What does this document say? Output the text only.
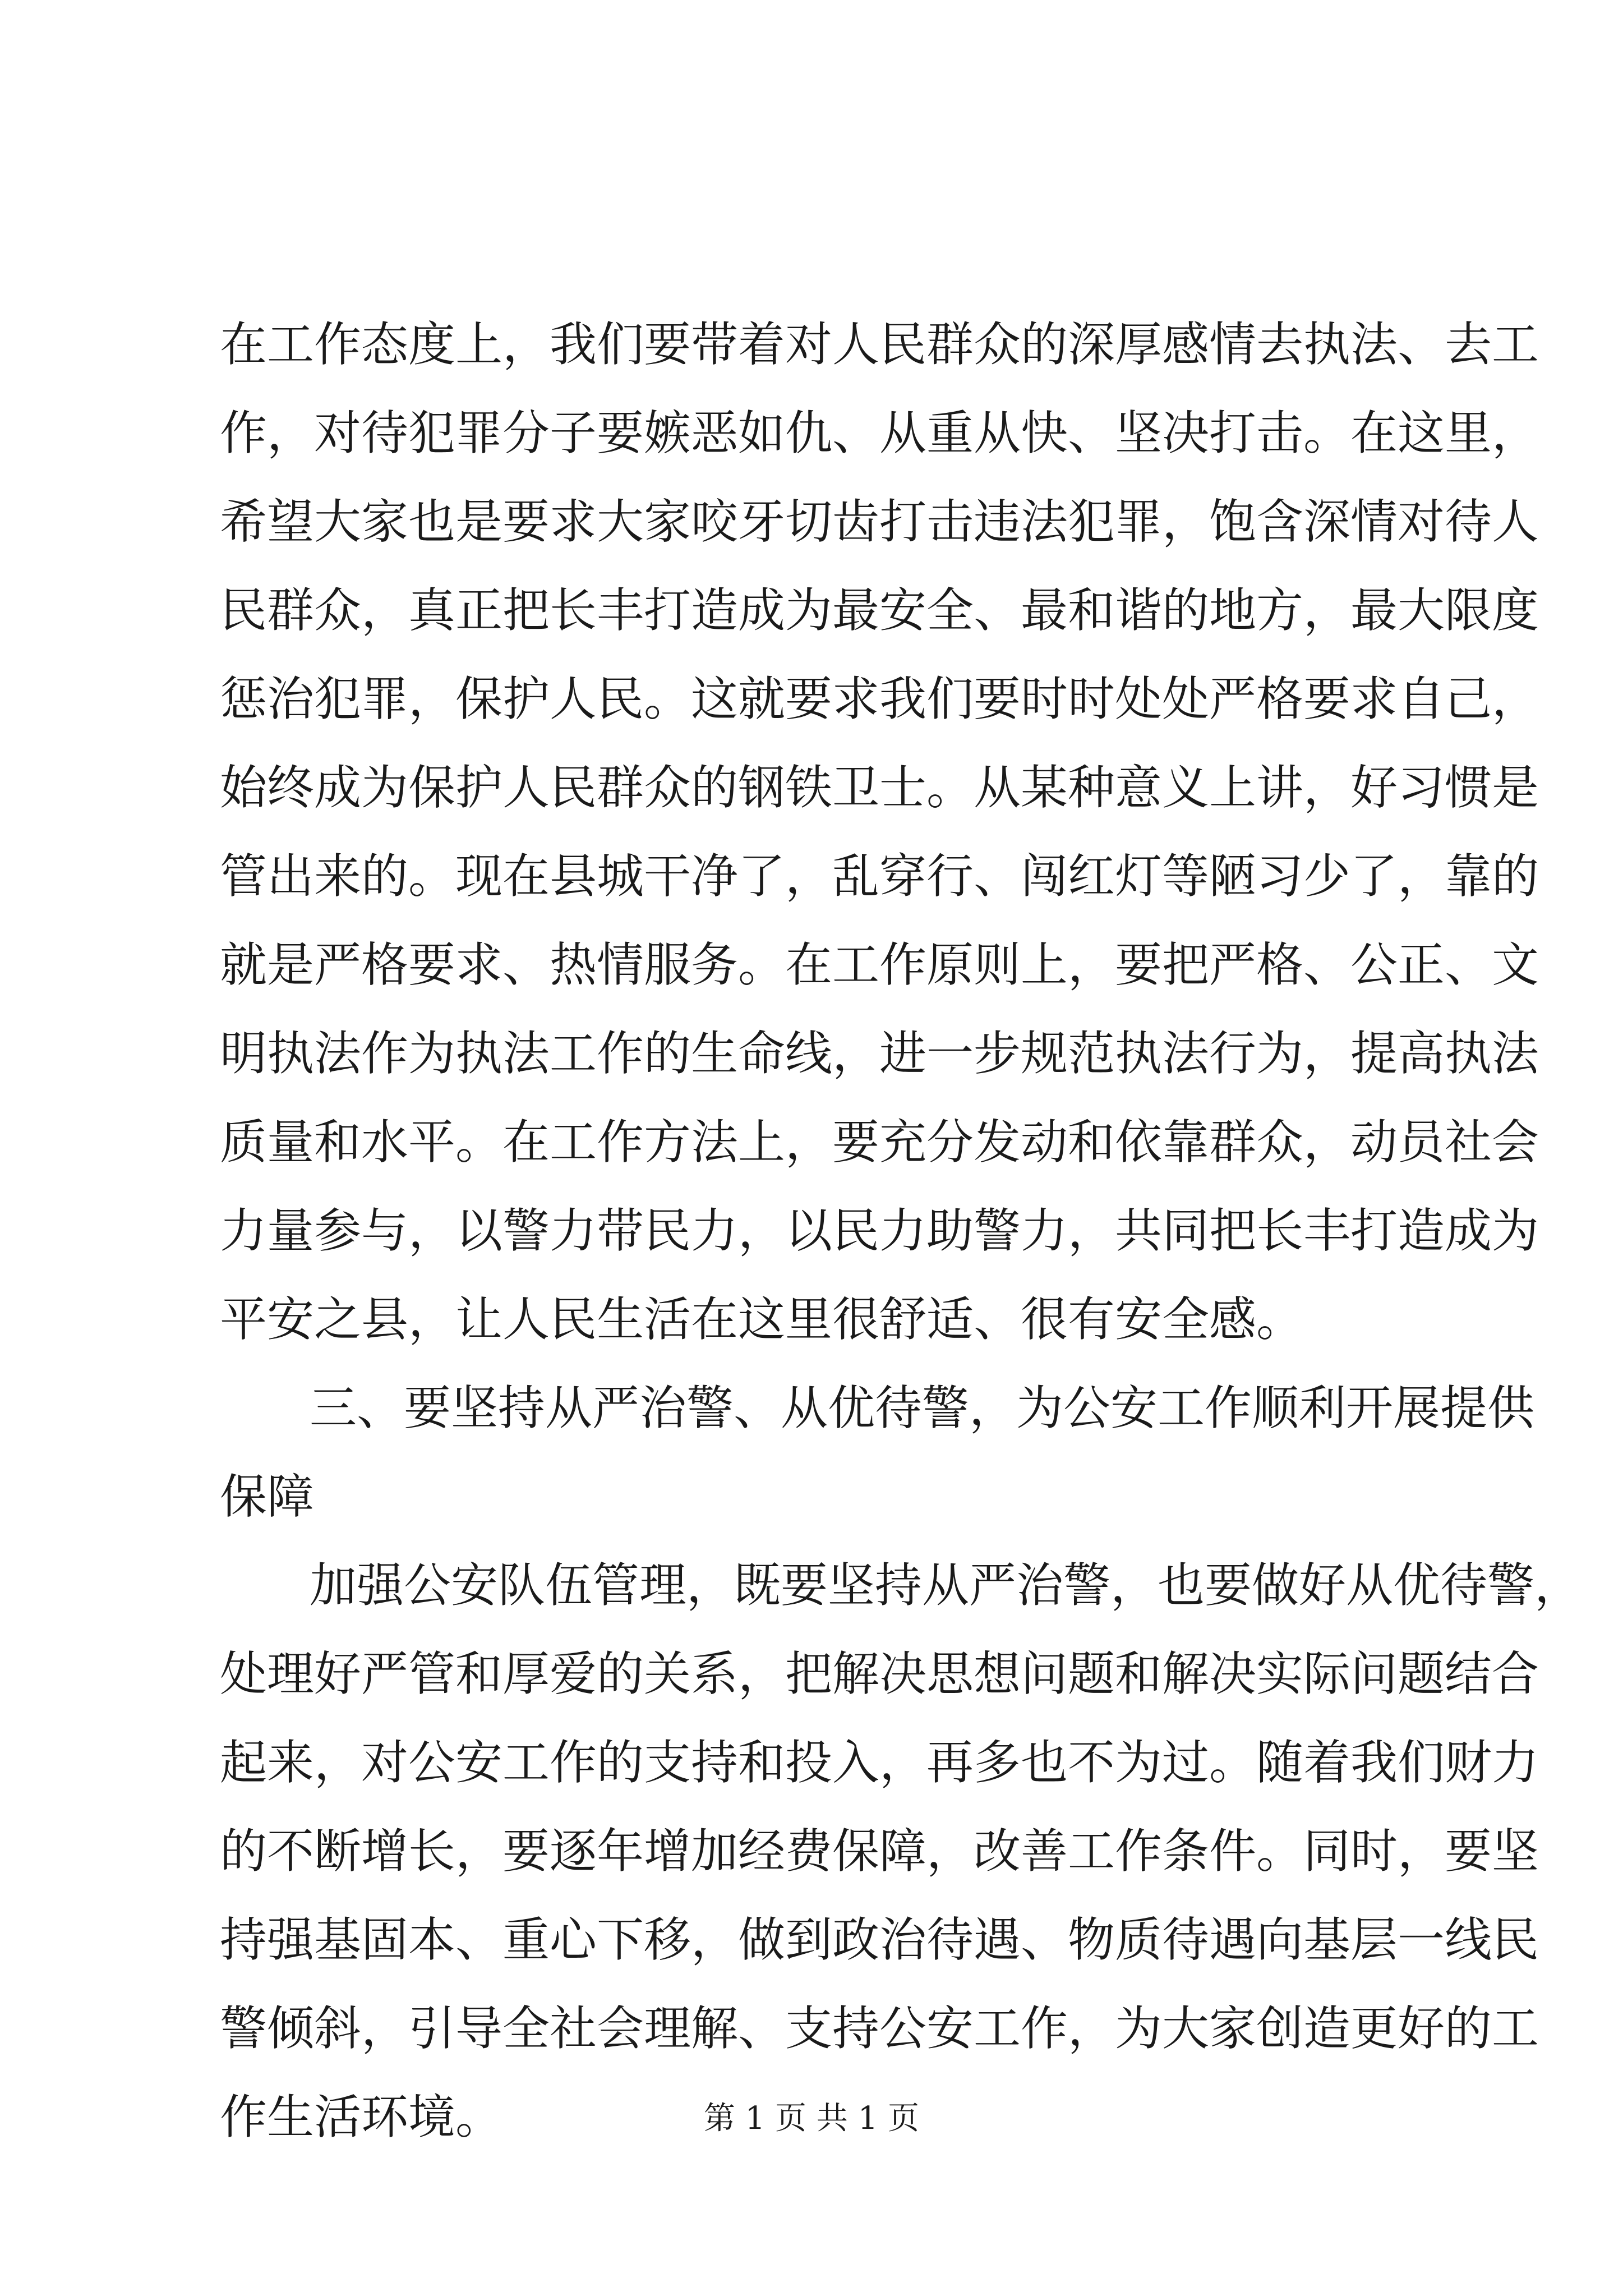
在工作态度上，我们要带着对人民群众的深厚感情去执法、去工
作，对待犯罪分子要嫉恶如仇、从重从快、坚决打击。在这里，
希望大家也是要求大家咬牙切齿打击违法犯罪，饱含深情对待人
民群众，真正把长丰打造成为最安全、最和谐的地方，最大限度
惩治犯罪，保护人民。这就要求我们要时时处处严格要求自己，
始终成为保护人民群众的钢铁卫士。从某种意义上讲，好习惯是
管出来的。现在县城干净了，乱穿行、闯红灯等陋习少了，靠的
就是严格要求、热情服务。在工作原则上，要把严格、公正、文
明执法作为执法工作的生命线，进一步规范执法行为，提高执法
质量和水平。在工作方法上，要充分发动和依靠群众，动员社会
力量参与，以警力带民力，以民力助警力，共同把长丰打造成为
平安之县，让人民生活在这里很舒适、很有安全感。
三、要坚持从严治警、从优待警，为公安工作顺利开展提供
保障
加强公安队伍管理，既要坚持从严治警，也要做好从优待警，
处理好严管和厚爱的关系，把解决思想问题和解决实际问题结合
起来，对公安工作的支持和投入，再多也不为过。随着我们财力
的不断增长，要逐年增加经费保障，改善工作条件。同时，要坚
持强基固本、重心下移，做到政治待遇、物质待遇向基层一线民
警倾斜，引导全社会理解、支持公安工作，为大家创造更好的工
作生活环境。	第 1 页 共 1 页
